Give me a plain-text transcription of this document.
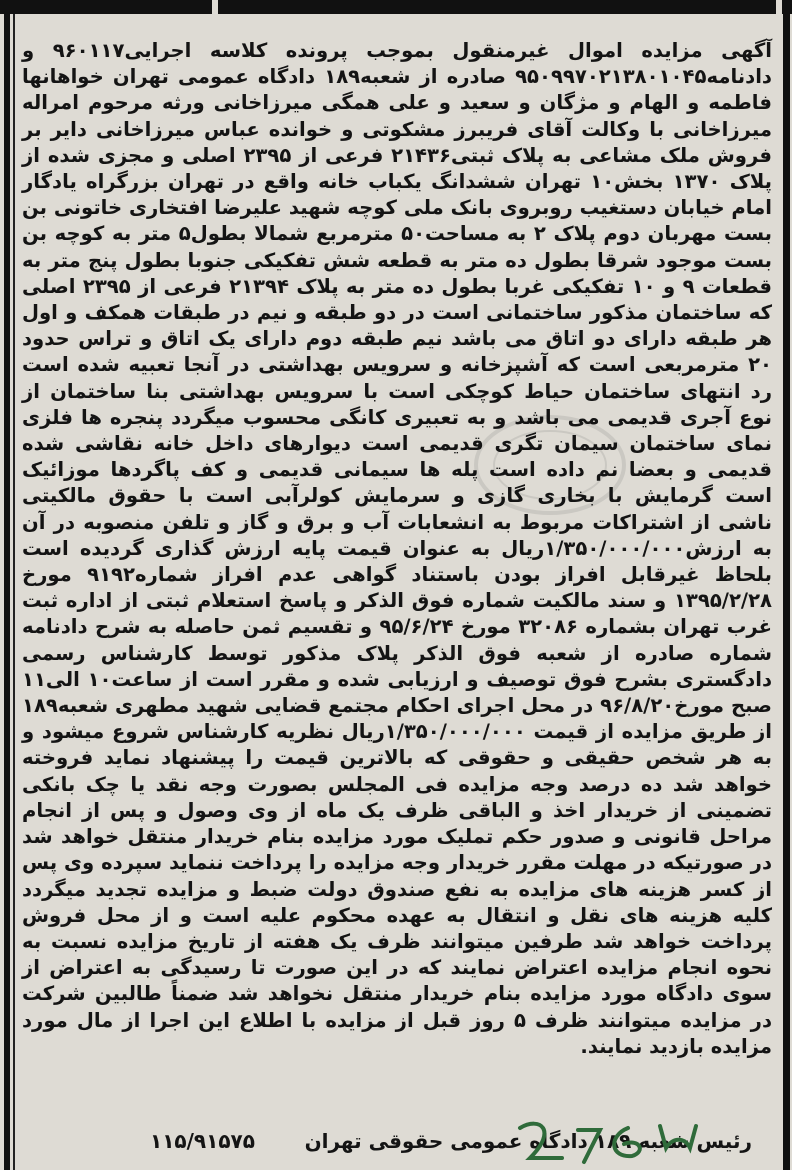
آگهی مزایده اموال غیرمنقول بموجب پرونده کلاسه اجرایی۹۶۰۱۱۷ و دادنامه۹۵۰۹۹۷۰۲۱۳۸۰۱۰۴۵ صادره از شعبه۱۸۹ دادگاه عمومی تهران خواهانها فاطمه و الهام و مژگان و سعید و علی همگی میرزاخانی ورثه مرحوم امراله میرزاخانی با وکالت آقای فریبرز مشکوتی و خوانده عباس میرزاخانی دایر بر فروش ملک مشاعی به پلاک ثبتی۲۱۴۳۶ فرعی از ۲۳۹۵ اصلی و مجزی شده از پلاک ۱۳۷۰ بخش۱۰ تهران ششدانگ یکباب خانه واقع در تهران بزرگراه یادگار امام خیابان دستغیب روبروی بانک ملی کوچه شهید علیرضا افتخاری خاتونی بن بست مهربان دوم پلاک ۲ به مساحت۵۰ مترمربع شمالا بطول۵ متر به کوچه بن بست موجود شرقا بطول ده متر به قطعه شش تفکیکی جنوبا بطول پنج متر به قطعات ۹ و ۱۰ تفکیکی غربا بطول ده متر به پلاک ۲۱۳۹۴ فرعی از ۲۳۹۵ اصلی که ساختمان مذکور ساختمانی است در دو طبقه و نیم در طبقات همکف و اول هر طبقه دارای دو اتاق می باشد نیم طبقه دوم دارای یک اتاق و تراس حدود ۲۰ مترمربعی است که آشپزخانه و سرویس بهداشتی در آنجا تعبیه شده است رد انتهای ساختمان حیاط کوچکی است با سرویس بهداشتی بنا ساختمان از نوع آجری قدیمی می باشد و به تعبیری کانگی محسوب میگردد پنجره ها فلزی نمای ساختمان سیمان تگری قدیمی است دیوارهای داخل خانه نقاشی شده قدیمی و بعضا نم داده است پله ها سیمانی قدیمی و کف پاگردها موزائیک است گرمایش با بخاری گازی و سرمایش کولرآبی است با حقوق مالکیتی ناشی از اشتراکات مربوط به انشعابات آب و برق و گاز و تلفن منصوبه در آن به ارزش۱/۳۵۰/۰۰۰/۰۰۰ریال به عنوان قیمت پایه ارزش گذاری گردیده است بلحاظ غیرقابل افراز بودن باستناد گواهی عدم افراز شماره۹۱۹۲ مورخ ۱۳۹۵/۲/۲۸ و سند مالکیت شماره فوق الذکر و پاسخ استعلام ثبتی از اداره ثبت غرب تهران بشماره ۳۲۰۸۶ مورخ ۹۵/۶/۲۴ و تقسیم ثمن حاصله به شرح دادنامه شماره صادره از شعبه فوق الذکر پلاک مذکور توسط کارشناس رسمی دادگستری بشرح فوق توصیف و ارزیابی شده و مقرر است از ساعت۱۰ الی۱۱ صبح مورخ۹۶/۸/۲۰ در محل اجرای احکام مجتمع قضایی شهید مطهری شعبه۱۸۹ از طریق مزایده از قیمت ۱/۳۵۰/۰۰۰/۰۰۰ریال نظریه کارشناس شروع میشود و به هر شخص حقیقی و حقوقی که بالاترین قیمت را پیشنهاد نماید فروخته خواهد شد ده درصد وجه مزایده فی المجلس بصورت وجه نقد یا چک بانکی تضمینی از خریدار اخذ و الباقی ظرف یک ماه از وی وصول و پس از انجام مراحل قانونی و صدور حکم تملیک مورد مزایده بنام خریدار منتقل خواهد شد در صورتیکه در مهلت مقرر خریدار وجه مزایده را پرداخت ننماید سپرده وی پس از کسر هزینه های مزایده به نفع صندوق دولت ضبط و مزایده تجدید میگردد کلیه هزینه های نقل و انتقال به عهده محکوم علیه است و از محل فروش پرداخت خواهد شد طرفین میتوانند ظرف یک هفته از تاریخ مزایده نسبت به نحوه انجام مزایده اعتراض نمایند که در این صورت تا رسیدگی به اعتراض از سوی دادگاه مورد مزایده بنام خریدار منتقل نخواهد شد ضمناً طالبین شرکت در مزایده میتوانند ظرف ۵ روز قبل از مزایده با اطلاع این اجرا از مال مورد مزایده بازدید نمایند.

رئیس شعبه ۱۸۹ دادگاه عمومی حقوقی تهران
۱۱۵/۹۱۵۷۵
